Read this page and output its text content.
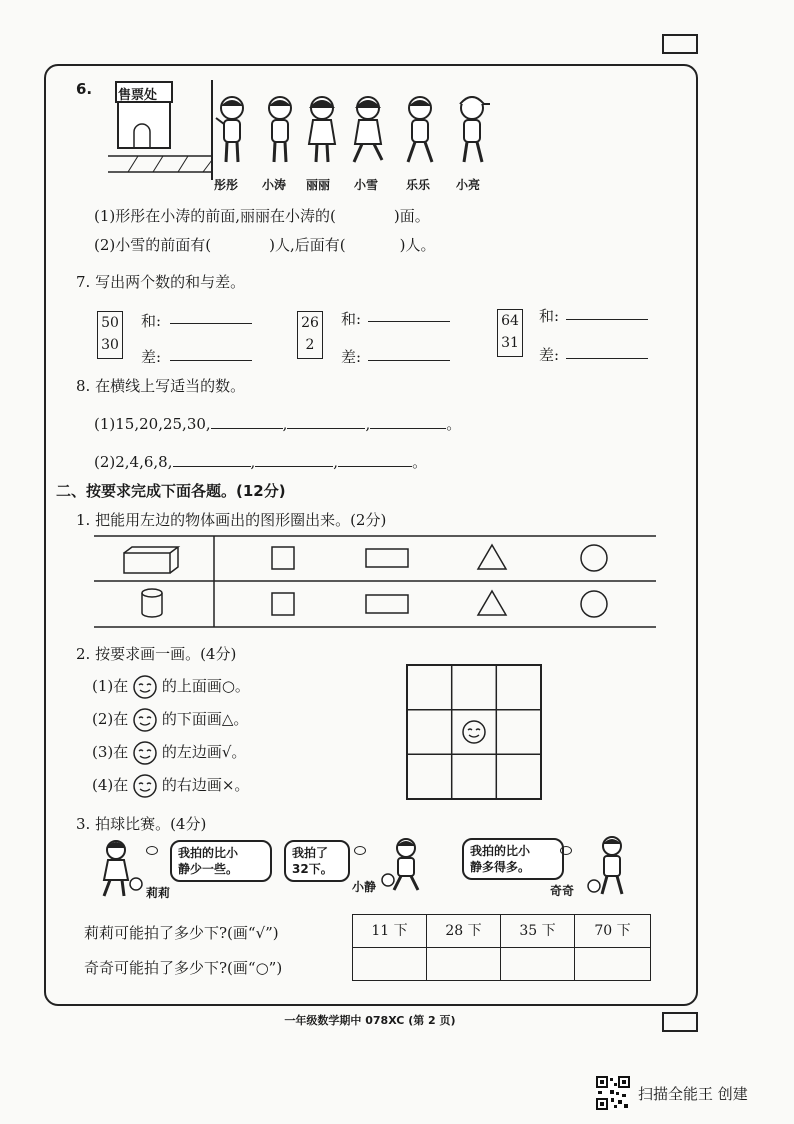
6. 售票处
彤彤 小涛 丽丽 小雪 乐乐 小亮
(1)形彤在小涛的前面,丽丽在小涛的(	)面。
(2)小雪的前面有(	)人,后面有(	)人。
7. 写出两个数的和与差。
50
30
和:
差:
26
2
和:
差:
64
31
和:
差:
8. 在横线上写适当的数。
(1)15,20,25,30,	,	,	。
(2)2,4,6,8,	,	,	。
二、按要求完成下面各题。(12分)
1. 把能用左边的物体画出的图形圈出来。(2分)
2. 按要求画一画。(4分)
(1)在 的上面画○。
(2)在 的下面画△。
(3)在 的左边画√。
(4)在 的右边画×。
3. 拍球比赛。(4分)
莉莉
我拍的比小
静少一些。
我拍了
32下。
小静
我拍的比小
静多得多。
奇奇
莉莉可能拍了多少下?(画“√”)
奇奇可能拍了多少下?(画“○”)
11 下	28 下	35 下	70 下
一年级数学期中 078XC (第 2 页)
扫描全能王 创建
